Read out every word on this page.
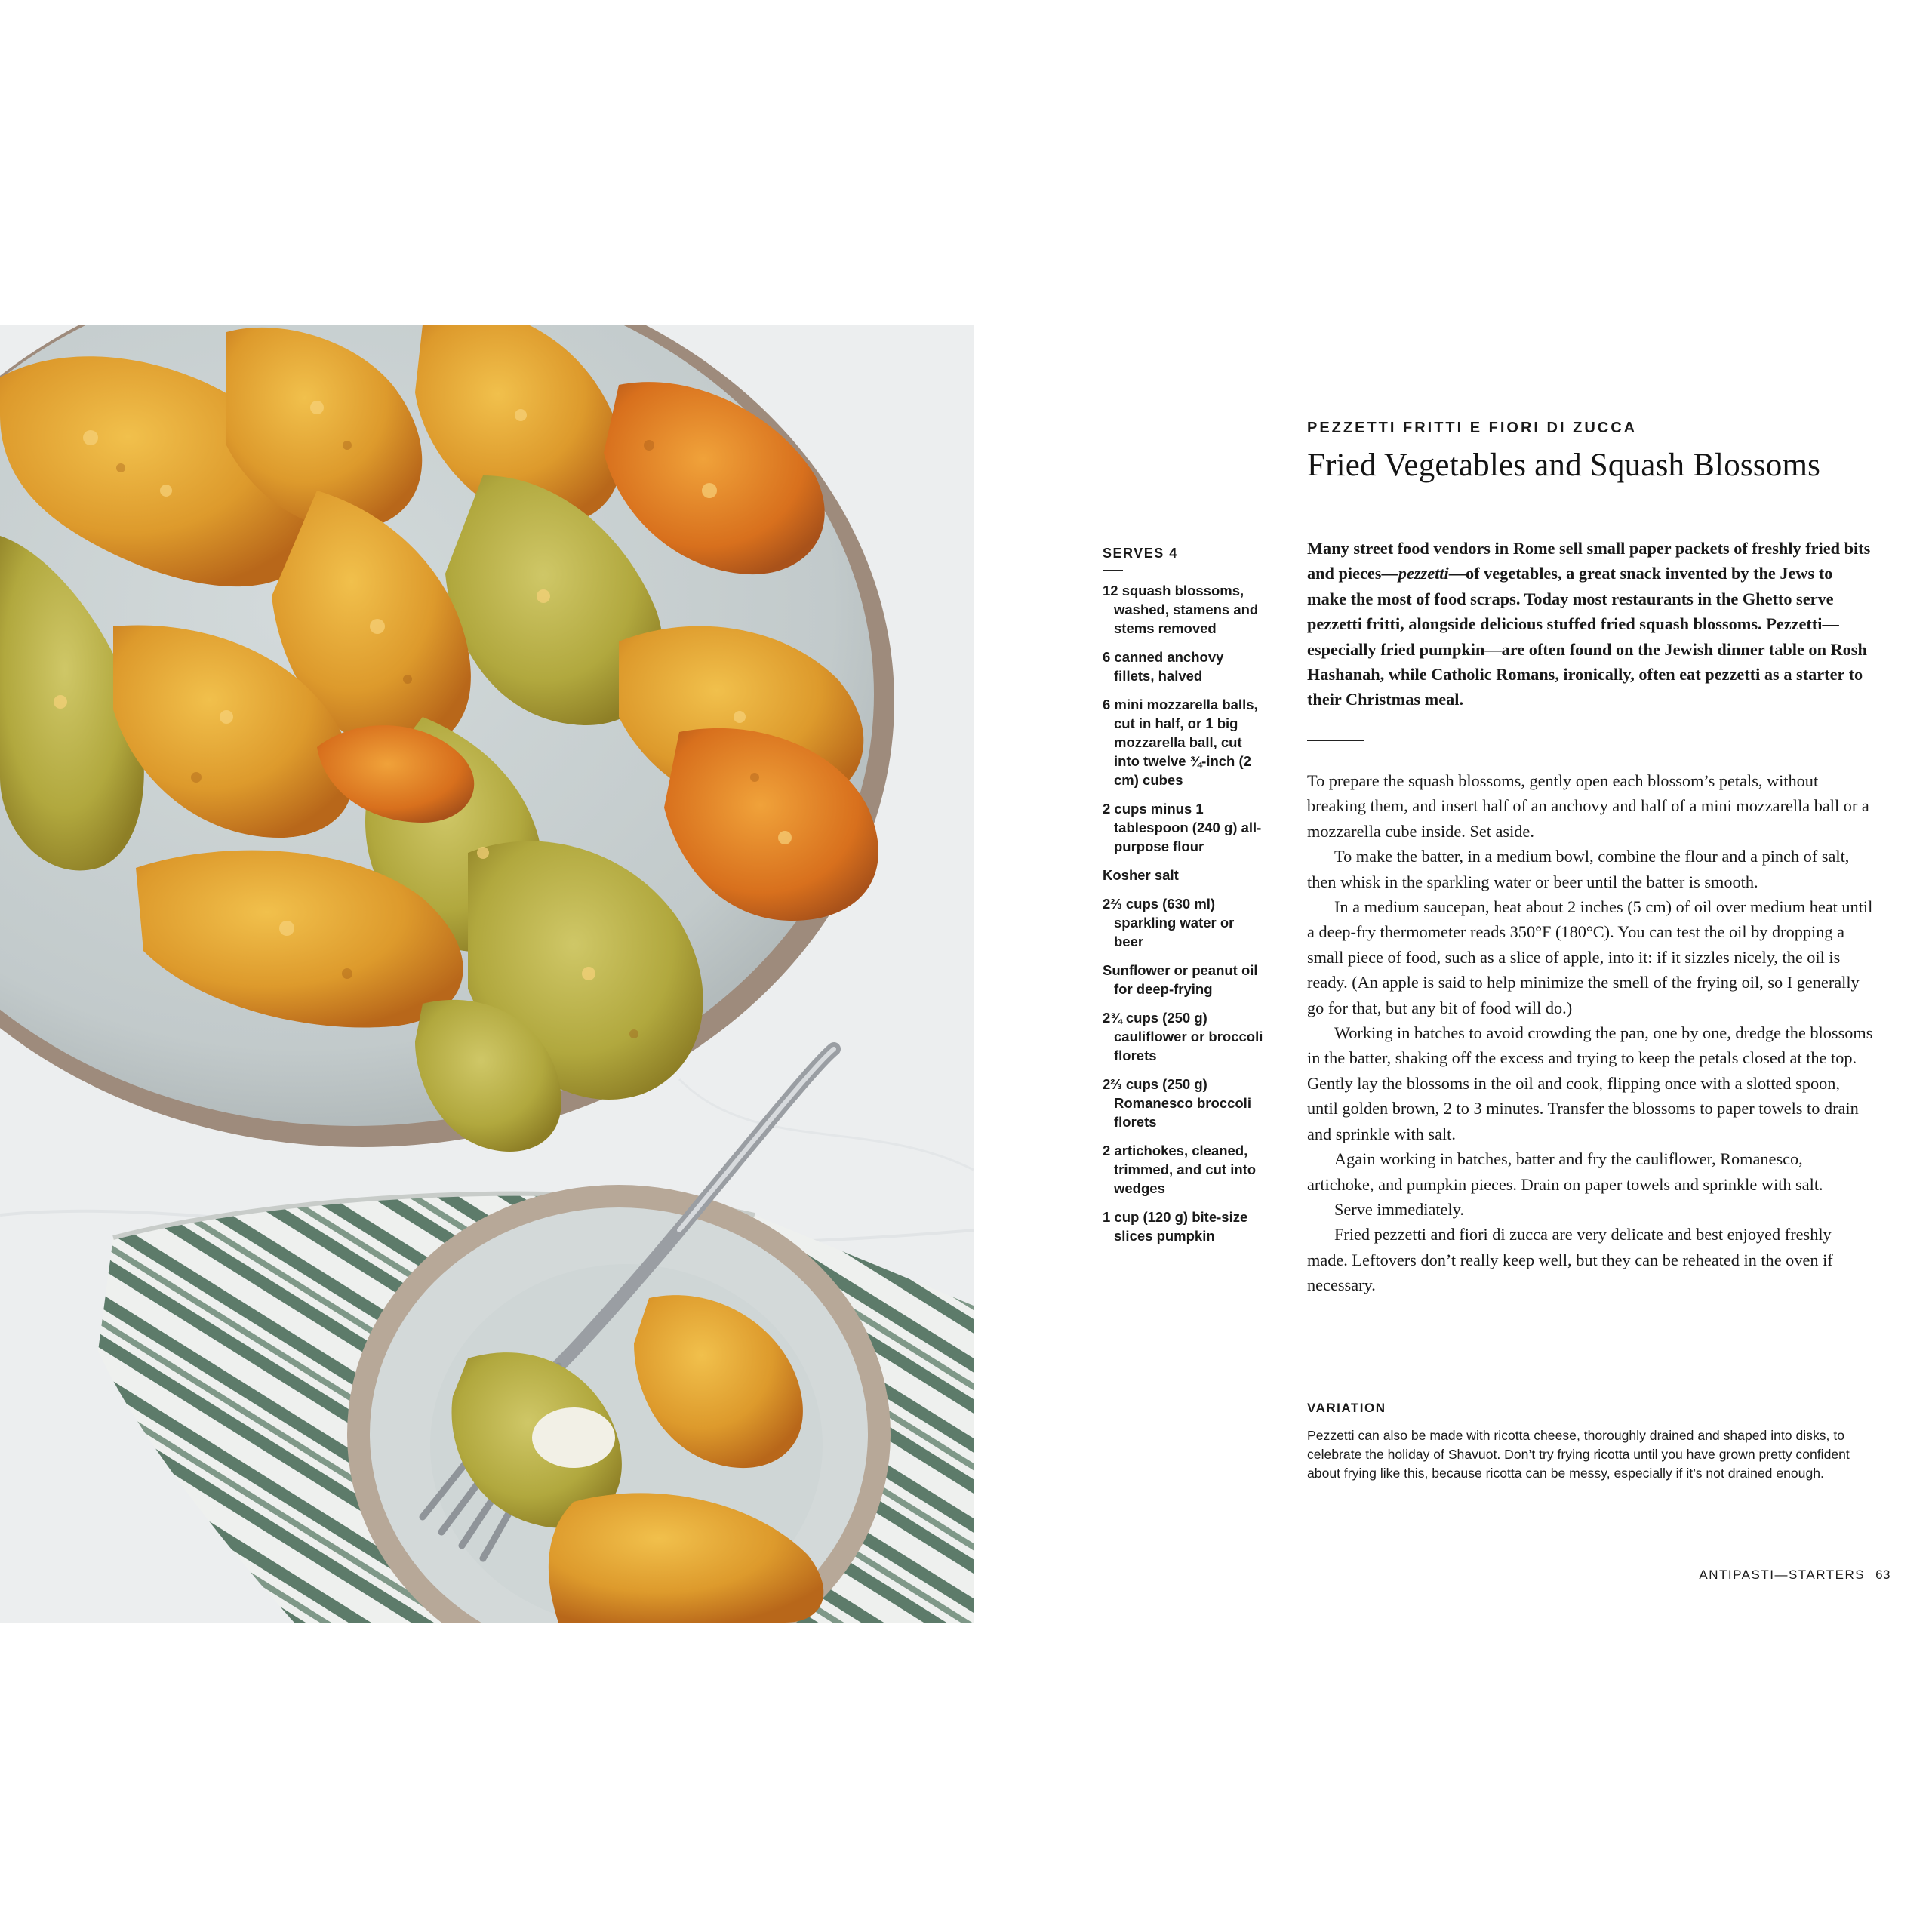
PEZZETTI FRITTI E FIORI DI ZUCCA
Fried Vegetables and Squash Blossoms
SERVES 4
12 squash blossoms, washed, stamens and stems removed
6 canned anchovy fillets, halved
6 mini mozzarella balls, cut in half, or 1 big mozzarella ball, cut into twelve ¾-inch (2 cm) cubes
2 cups minus 1 tablespoon (240 g) all-purpose flour
Kosher salt
2⅔ cups (630 ml) sparkling water or beer
Sunflower or peanut oil for deep-frying
2¾ cups (250 g) cauliflower or broccoli florets
2⅔ cups (250 g) Romanesco broccoli florets
2 artichokes, cleaned, trimmed, and cut into wedges
1 cup (120 g) bite-size slices pumpkin

Many street food vendors in Rome sell small paper packets of freshly fried bits and pieces—pezzetti—of vegetables, a great snack invented by the Jews to make the most of food scraps. Today most restaurants in the Ghetto serve pezzetti fritti, alongside delicious stuffed fried squash blossoms. Pezzetti—especially fried pumpkin—are often found on the Jewish dinner table on Rosh Hashanah, while Catholic Romans, ironically, often eat pezzetti as a starter to their Christmas meal.

To prepare the squash blossoms, gently open each blossom’s petals, without breaking them, and insert half of an anchovy and half of a mini mozzarella ball or a mozzarella cube inside. Set aside.

To make the batter, in a medium bowl, combine the flour and a pinch of salt, then whisk in the sparkling water or beer until the batter is smooth.

In a medium saucepan, heat about 2 inches (5 cm) of oil over medium heat until a deep-fry thermometer reads 350°F (180°C). You can test the oil by dropping a small piece of food, such as a slice of apple, into it: if it sizzles nicely, the oil is ready. (An apple is said to help minimize the smell of the frying oil, so I generally go for that, but any bit of food will do.)

Working in batches to avoid crowding the pan, one by one, dredge the blossoms in the batter, shaking off the excess and trying to keep the petals closed at the top. Gently lay the blossoms in the oil and cook, flipping once with a slotted spoon, until golden brown, 2 to 3 minutes. Transfer the blossoms to paper towels to drain and sprinkle with salt.

Again working in batches, batter and fry the cauliflower, Romanesco, artichoke, and pumpkin pieces. Drain on paper towels and sprinkle with salt.

Serve immediately.

Fried pezzetti and fiori di zucca are very delicate and best enjoyed freshly made. Leftovers don’t really keep well, but they can be reheated in the oven if necessary.

VARIATION

Pezzetti can also be made with ricotta cheese, thoroughly drained and shaped into disks, to celebrate the holiday of Shavuot. Don’t try frying ricotta until you have grown pretty confident about frying like this, because ricotta can be messy, especially if it’s not drained enough.

ANTIPASTI—STARTERS 63
